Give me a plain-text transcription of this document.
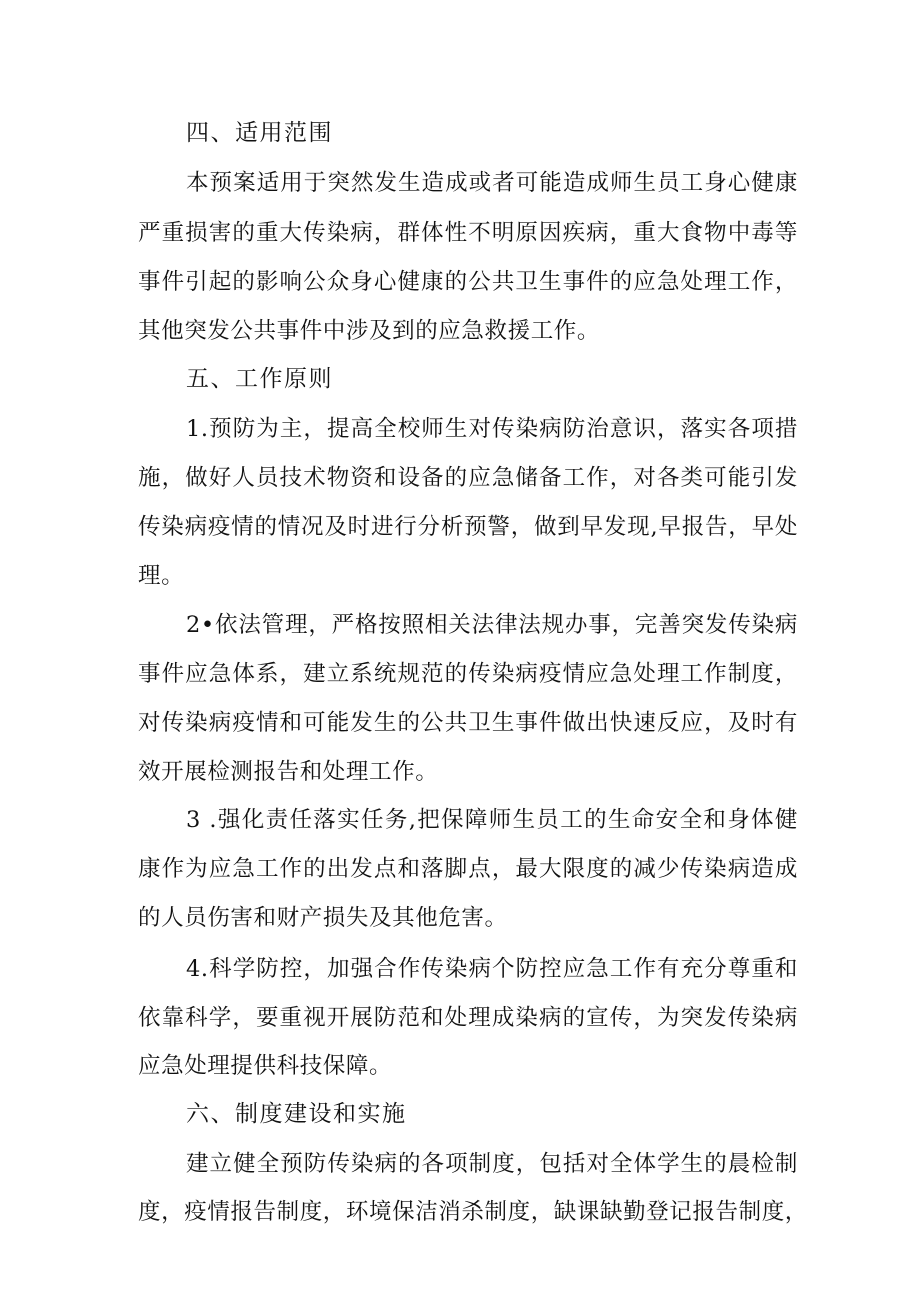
四、适用范围
本预案适用于突然发生造成或者可能造成师生员工身心健康
严重损害的重大传染病，群体性不明原因疾病，重大食物中毒等
事件引起的影响公众身心健康的公共卫生事件的应急处理工作，
其他突发公共事件中涉及到的应急救援工作。
五、工作原则
1.预防为主，提高全校师生对传染病防治意识，落实各项措
施，做好人员技术物资和设备的应急储备工作，对各类可能引发
传染病疫情的情况及时进行分析预警，做到早发现,早报告，早处
理。
2•依法管理，严格按照相关法律法规办事，完善突发传染病
事件应急体系，建立系统规范的传染病疫情应急处理工作制度，
对传染病疫情和可能发生的公共卫生事件做出快速反应，及时有
效开展检测报告和处理工作。
3 .强化责任落实任务,把保障师生员工的生命安全和身体健
康作为应急工作的出发点和落脚点，最大限度的减少传染病造成
的人员伤害和财产损失及其他危害。
4.科学防控，加强合作传染病个防控应急工作有充分尊重和
依靠科学，要重视开展防范和处理成染病的宣传，为突发传染病
应急处理提供科技保障。
六、制度建设和实施
建立健全预防传染病的各项制度，包括对全体学生的晨检制
度，疫情报告制度，环境保洁消杀制度，缺课缺勤登记报告制度，
